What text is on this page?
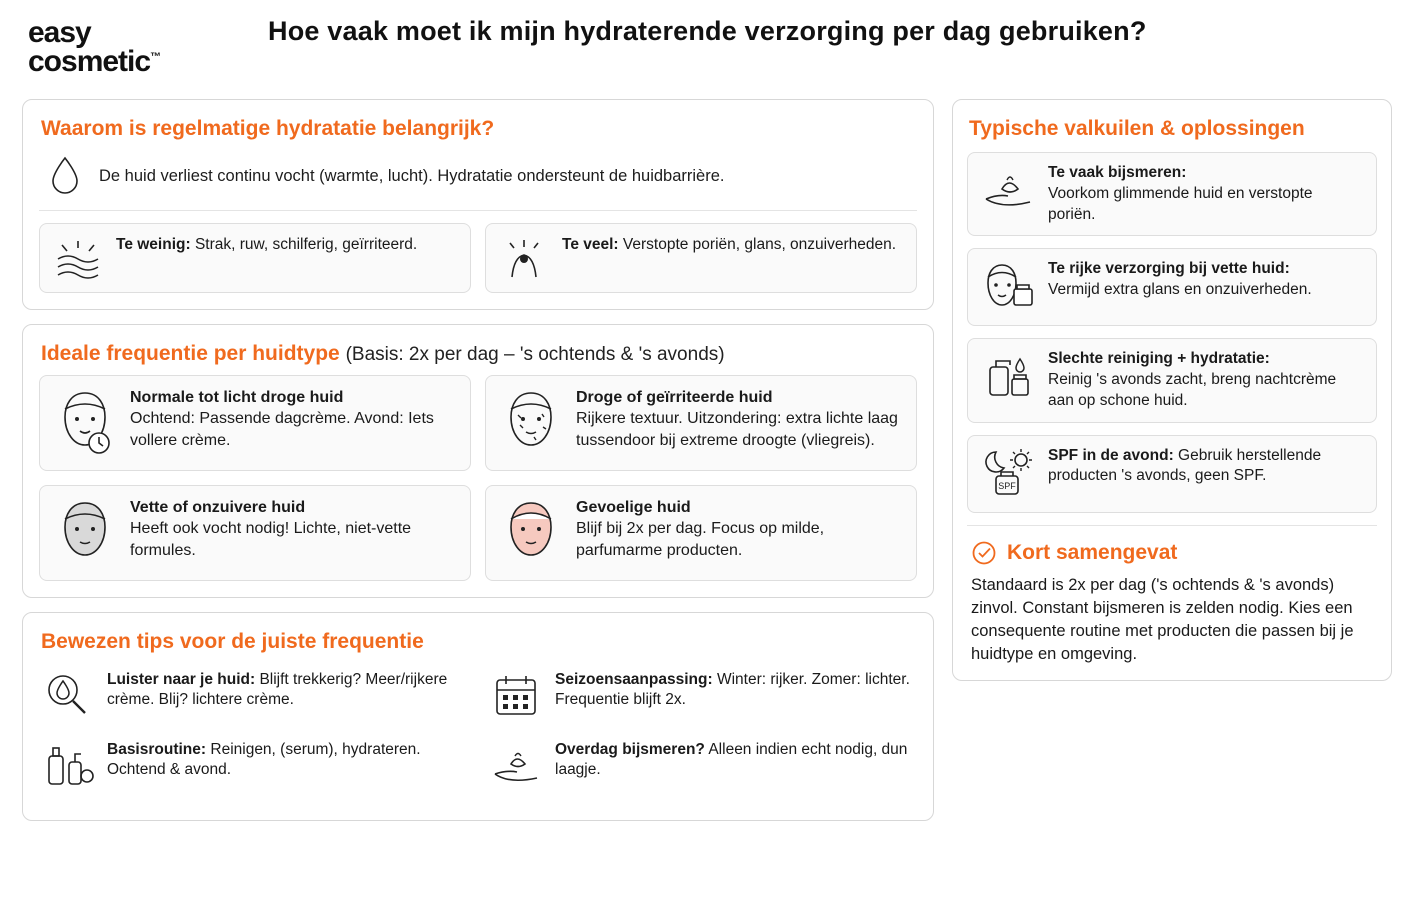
easy
cosmetic™
Hoe vaak moet ik mijn hydraterende verzorging per dag gebruiken?
Waarom is regelmatige hydratatie belangrijk?
De huid verliest continu vocht (warmte, lucht). Hydratatie ondersteunt de huidbarrière.
Te weinig: Strak, ruw, schilferig, geïrriteerd.	Te veel: Verstopte poriën, glans, onzuiverheden.
Ideale frequentie per huidtype (Basis: 2x per dag – 's ochtends & 's avonds)
Normale tot licht droge huid
Ochtend: Passende dagcrème. Avond: Iets vollere crème.
Droge of geïrriteerde huid
Rijkere textuur. Uitzondering: extra lichte laag tussendoor bij extreme droogte (vliegreis).
Vette of onzuivere huid
Heeft ook vocht nodig! Lichte, niet-vette formules.
Gevoelige huid
Blijf bij 2x per dag. Focus op milde, parfumarme producten.
Bewezen tips voor de juiste frequentie
Luister naar je huid: Blijft trekkerig? Meer/rijkere crème. Blij? lichtere crème.
Basisroutine: Reinigen, (serum), hydrateren. Ochtend & avond.
Seizoensaanpassing: Winter: rijker. Zomer: lichter. Frequentie blijft 2x.
Overdag bijsmeren? Alleen indien echt nodig, dun laagje.
Typische valkuilen & oplossingen
Te vaak bijsmeren:
Voorkom glimmende huid en verstopte poriën.
Te rijke verzorging bij vette huid:
Vermijd extra glans en onzuiverheden.
Slechte reiniging + hydratatie:
Reinig 's avonds zacht, breng nachtcrème aan op schone huid.
SPF
SPF in de avond: Gebruik herstellende producten 's avonds, geen SPF.
Kort samengevat
Standaard is 2x per dag ('s ochtends & 's avonds) zinvol. Constant bijsmeren is zelden nodig. Kies een consequente routine met producten die passen bij je huidtype en omgeving.
